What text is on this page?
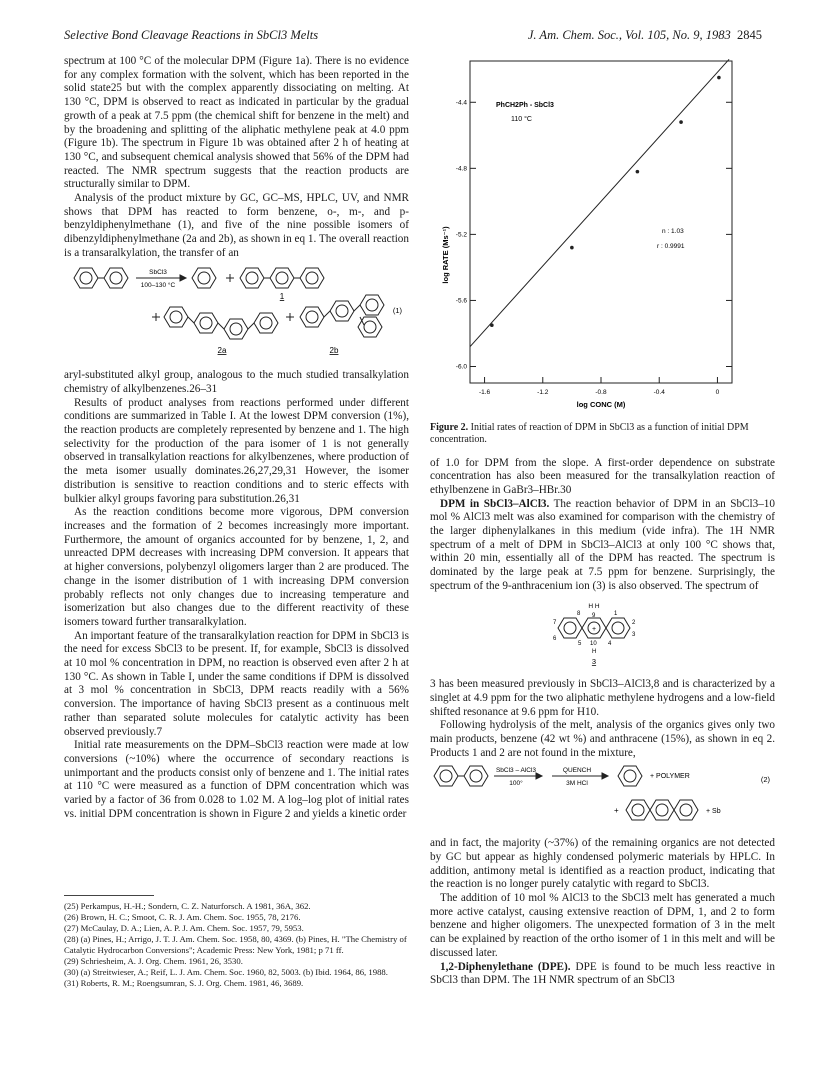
Selective Bond Cleavage Reactions in SbCl3 Melts	J. Am. Chem. Soc., Vol. 105, No. 9, 1983 2845

spectrum at 100 °C of the molecular DPM (Figure 1a). There is no evidence for any complex formation with the solvent, which has been reported in the solid state25 but with the complex apparently dissociating on melting. At 130 °C, DPM is observed to react as indicated in particular by the gradual growth of a peak at 7.5 ppm (the chemical shift for benzene in the melt) and by the broadening and splitting of the aliphatic methylene peak at 4.0 ppm (Figure 1b). The spectrum in Figure 1b was obtained after 2 h of heating at 130 °C, and subsequent chemical analysis showed that 56% of the DPM had reacted. The NMR spectrum suggests that the reaction products are structurally similar to DPM.

Analysis of the product mixture by GC, GC–MS, HPLC, UV, and NMR shows that DPM has reacted to form benzene, o-, m-, and p-benzyldiphenylmethane (1), and five of the nine possible isomers of dibenzyldiphenylmethane (2a and 2b), as shown in eq 1. The overall reaction is a transaralkylation, the transfer of an

SbCl3
100–130 °C
1
2a	2b
(1)

aryl-substituted alkyl group, analogous to the much studied transalkylation chemistry of alkylbenzenes.26–31

Results of product analyses from reactions performed under different conditions are summarized in Table I. At the lowest DPM conversion (1%), the reaction products are completely represented by benzene and 1. The high selectivity for the production of the para isomer of 1 is not generally observed in transalkylation reactions for alkylbenzenes, where production of the meta isomer usually dominates.26,27,29,31 However, the isomer distribution is sensitive to reaction conditions and to steric effects with bulkier alkyl groups favoring para substitution.26,31

As the reaction conditions become more vigorous, DPM conversion increases and the formation of 2 becomes increasingly more important. Furthermore, the amount of organics accounted for by benzene, 1, 2, and unreacted DPM decreases with increasing DPM conversion. It appears that at higher conversions, polybenzyl oligomers larger than 2 are produced. The change in the isomer distribution of 1 with increasing DPM conversion probably reflects not only changes due to increasing temperature and isomerization but also changes due to the different reactivity of these isomers toward further transaralkylation.

An important feature of the transaralkylation reaction for DPM in SbCl3 is the need for excess SbCl3 to be present. If, for example, SbCl3 is dissolved at 10 mol % concentration in DPM, no reaction is observed even after 2 h at 130 °C. As shown in Table I, under the same conditions if DPM is dissolved at 3 mol % concentration in SbCl3, DPM reacts readily with a 56% conversion. The importance of having SbCl3 present as a continuous melt rather than separated solute molecules for catalytic activity has been observed previously.7

Initial rate measurements on the DPM–SbCl3 reaction were made at low conversions (~10%) where the occurrence of secondary reactions is unimportant and the products consist only of benzene and 1. The initial rates at 110 °C were measured as a function of DPM concentration which was varied by a factor of 36 from 0.028 to 1.02 M. A log–log plot of initial rates vs. initial DPM concentration is shown in Figure 2 and yields a kinetic order

(25) Perkampus, H.-H.; Sondern, C. Z. Naturforsch. A 1981, 36A, 362.
(26) Brown, H. C.; Smoot, C. R. J. Am. Chem. Soc. 1955, 78, 2176.
(27) McCaulay, D. A.; Lien, A. P. J. Am. Chem. Soc. 1957, 79, 5953.
(28) (a) Pines, H.; Arrigo, J. T. J. Am. Chem. Soc. 1958, 80, 4369. (b) Pines, H. "The Chemistry of Catalytic Hydrocarbon Conversions"; Academic Press: New York, 1981; p 71 ff.
(29) Schriesheim, A. J. Org. Chem. 1961, 26, 3530.
(30) (a) Streitwieser, A.; Reif, L. J. Am. Chem. Soc. 1960, 82, 5003. (b) Ibid. 1964, 86, 1988.
(31) Roberts, R. M.; Roengsumran, S. J. Org. Chem. 1981, 46, 3689.
-1.6	-1.2	-0.8	-0.4	0
-6.0
-5.6
-5.2
-4.8
-4.4	PhCH2Ph - SbCl3
110 °C
n : 1.03
r : 0.9991
log CONC (M)
log RATE (Ms⁻¹)
Figure 2. Initial rates of reaction of DPM in SbCl3 as a function of initial DPM concentration.

of 1.0 for DPM from the slope. A first-order dependence on substrate concentration has also been measured for the transalkylation reaction of ethylbenzene in GaBr3–HBr.30

DPM in SbCl3–AlCl3. The reaction behavior of DPM in an SbCl3–10 mol % AlCl3 melt was also examined for comparison with the chemistry of the larger diphenylalkanes in this medium (vide infra). The 1H NMR spectrum of a melt of DPM in SbCl3–AlCl3 at only 100 °C shows that, within 20 min, essentially all of the DPM has reacted. The spectrum is dominated by the large peak at 7.5 ppm for benzene. Surprisingly, the spectrum of the 9-anthracenium ion (3) is also observed. The spectrum of

+
H H
9
8
7
6
5 10 4
3
2
1
H
3

3 has been measured previously in SbCl3–AlCl3,8 and is characterized by a singlet at 4.9 ppm for the two aliphatic methylene hydrogens and a low-field shifted resonance at 9.6 ppm for H10.

Following hydrolysis of the melt, analysis of the organics gives only two main products, benzene (42 wt %) and anthracene (15%), as shown in eq 2. Products 1 and 2 are not found in the mixture,

SbCl3 – AlCl3
100°
QUENCH
3M HCl
+ POLYMER
+	+ Sb
(2)

and in fact, the majority (~37%) of the remaining organics are not detected by GC but appear as highly condensed polymeric materials by HPLC. In addition, antimony metal is identified as a reaction product, indicating that the reaction is no longer purely catalytic with regard to SbCl3.

The addition of 10 mol % AlCl3 to the SbCl3 melt has generated a much more active catalyst, causing extensive reaction of DPM, 1, and 2 to form benzene and higher oligomers. The unexpected formation of 3 in the melt can be explained by reaction of the ortho isomer of 1 in this melt and will be discussed later.

1,2-Diphenylethane (DPE). DPE is found to be much less reactive in SbCl3 than DPM. The 1H NMR spectrum of an SbCl3
